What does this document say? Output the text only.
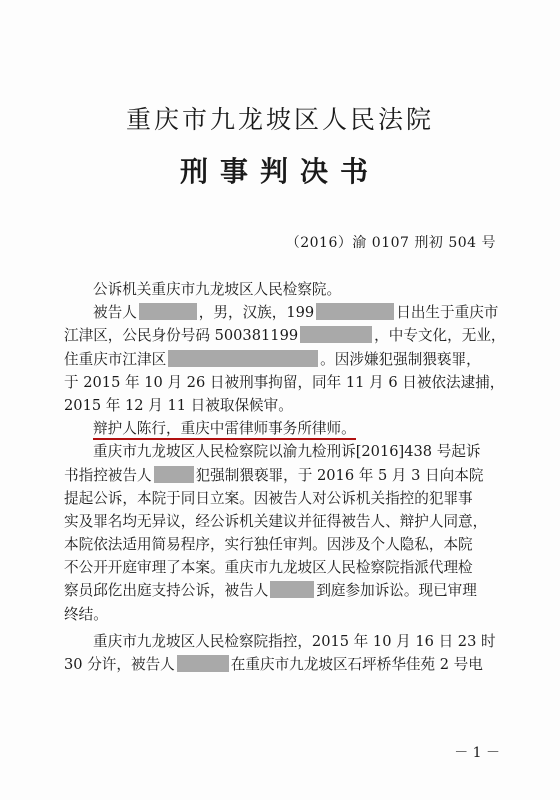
重庆市九龙坡区人民法院
刑事判决书
（2016）渝 0107 刑初 504 号
公诉机关重庆市九龙坡区人民检察院。
被告人	，男，汉族，199	日出生于重庆市
江津区，公民身份号码 500381199	，中专文化，无业，
住重庆市江津区	。因涉嫌犯强制猥亵罪，
于 2015 年 10 月 26 日被刑事拘留，同年 11 月 6 日被依法逮捕，
2015 年 12 月 11 日被取保候审。
辩护人陈行，重庆中雷律师事务所律师。
重庆市九龙坡区人民检察院以渝九检刑诉[2016]438 号起诉
书指控被告人	犯强制猥亵罪，于 2016 年 5 月 3 日向本院
提起公诉，本院于同日立案。因被告人对公诉机关指控的犯罪事
实及罪名均无异议，经公诉机关建议并征得被告人、辩护人同意，
本院依法适用简易程序，实行独任审判。因涉及个人隐私，本院
不公开开庭审理了本案。重庆市九龙坡区人民检察院指派代理检
察员邱仡出庭支持公诉，被告人	到庭参加诉讼。现已审理
终结。
重庆市九龙坡区人民检察院指控，2015 年 10 月 16 日 23 时
30 分许，被告人	在重庆市九龙坡区石坪桥华佳苑 2 号电
－ 1 －
